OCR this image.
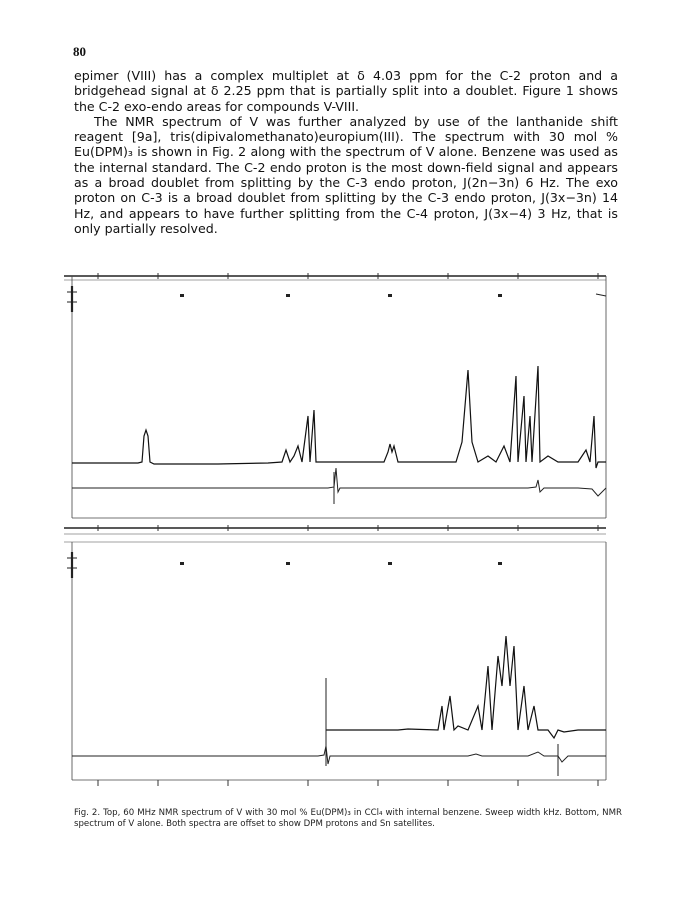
80

epimer (VIII) has a complex multiplet at δ 4.03 ppm for the C-2 proton and a bridgehead signal at δ 2.25 ppm that is partially split into a doublet. Figure 1 shows the C-2 exo-endo areas for compounds V-VIII.

The NMR spectrum of V was further analyzed by use of the lanthanide shift reagent [9a], tris(dipivalomethanato)europium(III). The spectrum with 30 mol % Eu(DPM)₃ is shown in Fig. 2 along with the spectrum of V alone. Benzene was used as the internal standard. The C-2 endo proton is the most down-field signal and appears as a broad doublet from splitting by the C-3 endo proton, J(2n−3n) 6 Hz. The exo proton on C-3 is a broad doublet from splitting by the C-3 endo proton, J(3x−3n) 14 Hz, and appears to have further splitting from the C-4 proton, J(3x−4) 3 Hz, that is only partially resolved.

Fig. 2. Top, 60 MHz NMR spectrum of V with 30 mol % Eu(DPM)₃ in CCl₄ with internal benzene. Sweep width kHz. Bottom, NMR spectrum of V alone. Both spectra are offset to show DPM protons and Sn satellites.
